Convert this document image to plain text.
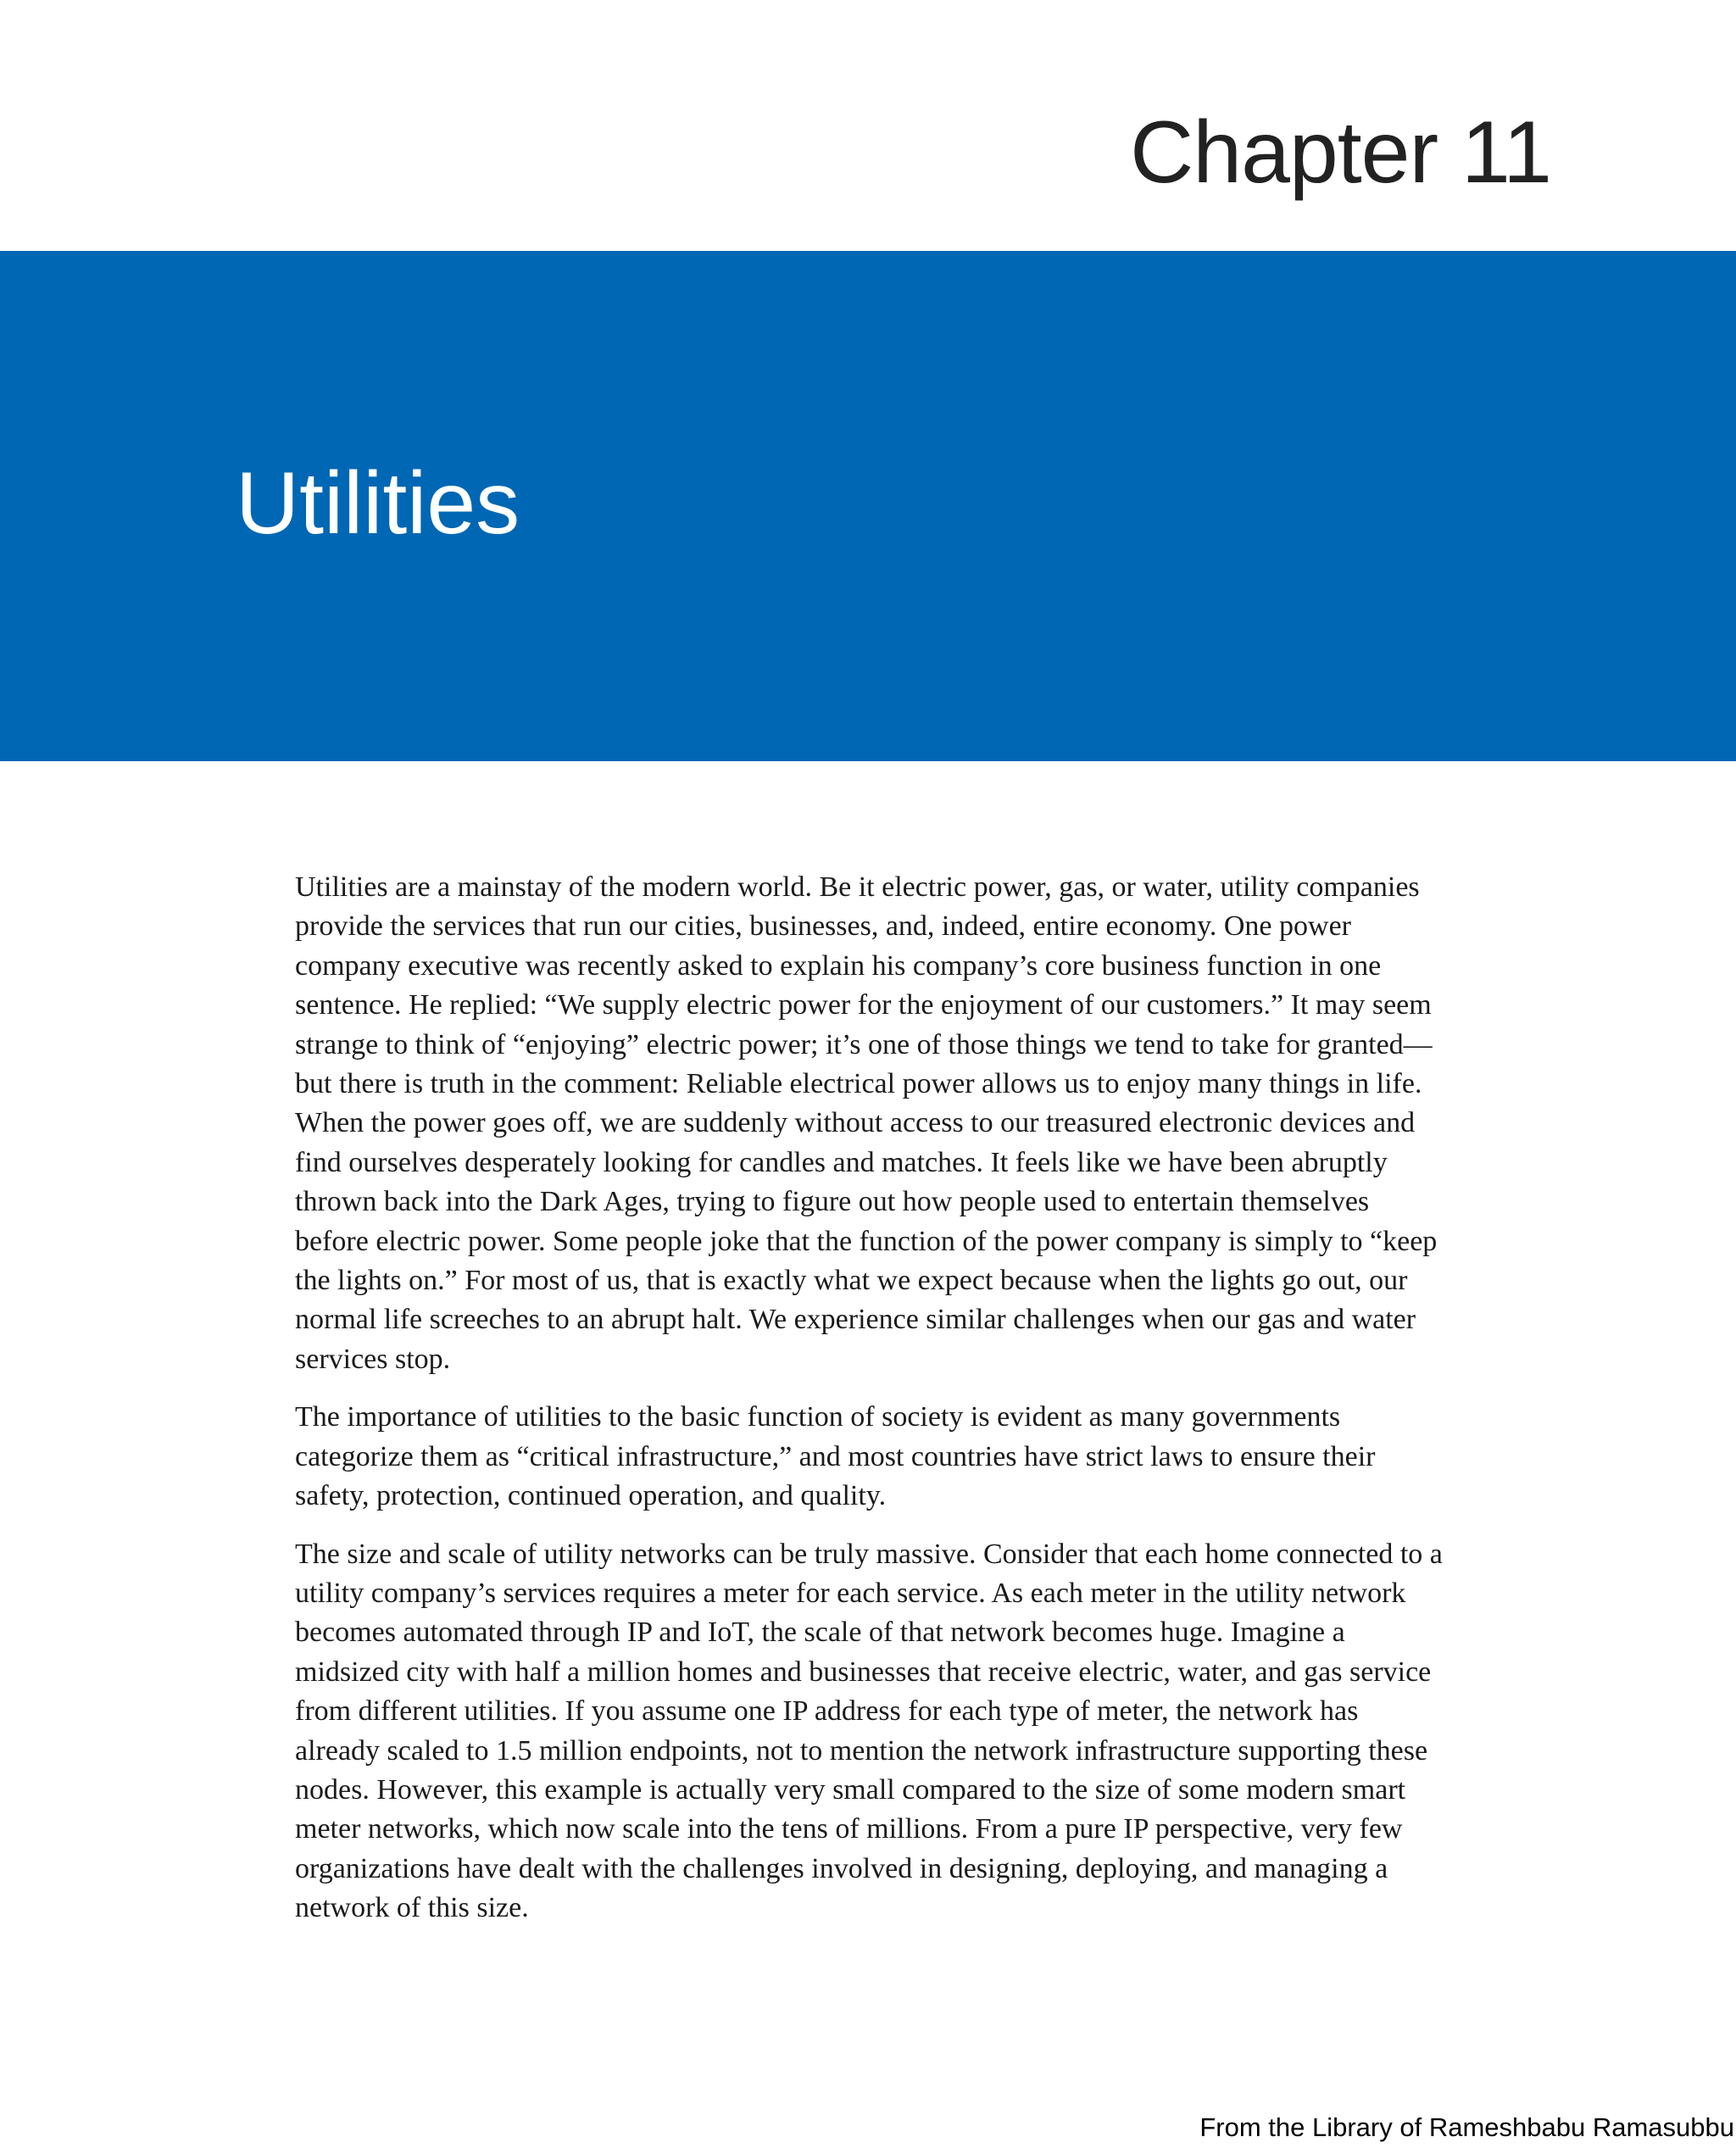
Chapter 11
Utilities

Utilities are a mainstay of the modern world. Be it electric power, gas, or water, utility companies provide the services that run our cities, businesses, and, indeed, entire economy. One power company executive was recently asked to explain his company’s core business function in one sentence. He replied: “We supply electric power for the enjoyment of our customers.” It may seem strange to think of “enjoying” electric power; it’s one of those things we tend to take for granted—but there is truth in the comment: Reliable electrical power allows us to enjoy many things in life. When the power goes off, we are suddenly without access to our treasured electronic devices and find ourselves desperately looking for candles and matches. It feels like we have been abruptly thrown back into the Dark Ages, trying to figure out how people used to entertain themselves before electric power. Some people joke that the function of the power company is simply to “keep the lights on.” For most of us, that is exactly what we expect because when the lights go out, our normal life screeches to an abrupt halt. We experience similar challenges when our gas and water services stop.

The importance of utilities to the basic function of society is evident as many governments categorize them as “critical infrastructure,” and most countries have strict laws to ensure their safety, protection, continued operation, and quality.

The size and scale of utility networks can be truly massive. Consider that each home connected to a utility company’s services requires a meter for each service. As each meter in the utility network becomes automated through IP and IoT, the scale of that network becomes huge. Imagine a midsized city with half a million homes and businesses that receive electric, water, and gas service from different utilities. If you assume one IP address for each type of meter, the network has already scaled to 1.5 million endpoints, not to mention the network infrastructure supporting these nodes. However, this example is actually very small compared to the size of some modern smart meter networks, which now scale into the tens of millions. From a pure IP perspective, very few organizations have dealt with the challenges involved in designing, deploying, and managing a network of this size.

From the Library of Rameshbabu Ramasubbu
